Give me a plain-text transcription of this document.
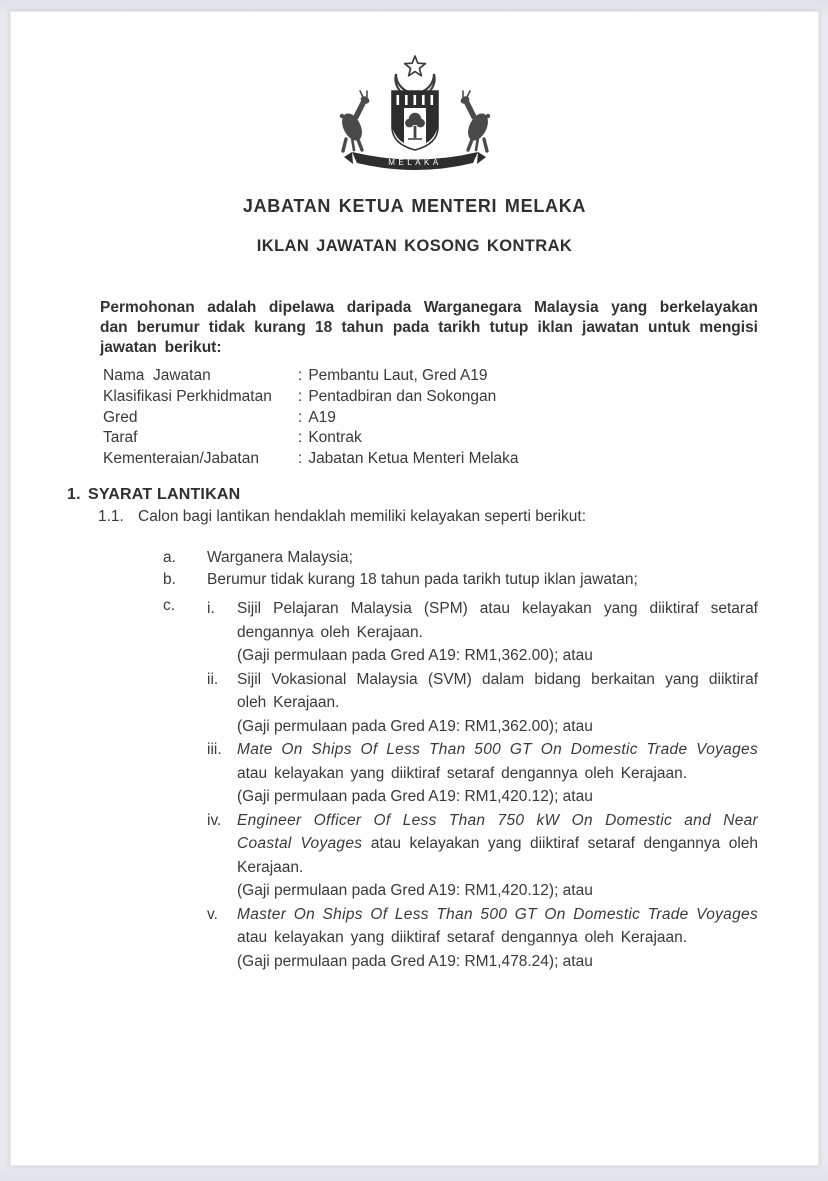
MELAKA
JABATAN KETUA MENTERI MELAKA
IKLAN JAWATAN KOSONG KONTRAK

Permohonan adalah dipelawa daripada Warganegara Malaysia yang berkelayakan dan berumur tidak kurang 18 tahun pada tarikh tutup iklan jawatan untuk mengisi jawatan berikut:

Nama  Jawatan	: Pembantu Laut, Gred A19
Klasifikasi Perkhidmatan : Pentadbiran dan Sokongan
Gred	: A19
Taraf	: Kontrak
Kementeraian/Jabatan	: Jabatan Ketua Menteri Melaka
1. SYARAT LANTIKAN
1.1. Calon bagi lantikan hendaklah memiliki kelayakan seperti berikut:
a. Warganera Malaysia;
b. Berumur tidak kurang 18 tahun pada tarikh tutup iklan jawatan;
c.	i.	Sijil Pelajaran Malaysia (SPM) atau kelayakan yang diiktiraf setaraf dengannya oleh Kerajaan.

(Gaji permulaan pada Gred A19: RM1,362.00); atau

ii.	Sijil Vokasional Malaysia (SVM) dalam bidang berkaitan yang diiktiraf oleh Kerajaan.

(Gaji permulaan pada Gred A19: RM1,362.00); atau

iii. Mate On Ships Of Less Than 500 GT On Domestic Trade Voyages atau kelayakan yang diiktiraf setaraf dengannya oleh Kerajaan.

(Gaji permulaan pada Gred A19: RM1,420.12); atau

iv.	Engineer Officer Of Less Than 750 kW On Domestic and Near Coastal Voyages atau kelayakan yang diiktiraf setaraf dengannya oleh Kerajaan.

(Gaji permulaan pada Gred A19: RM1,420.12); atau

v.	Master On Ships Of Less Than 500 GT On Domestic Trade Voyages atau kelayakan yang diiktiraf setaraf dengannya oleh Kerajaan.

(Gaji permulaan pada Gred A19: RM1,478.24); atau
